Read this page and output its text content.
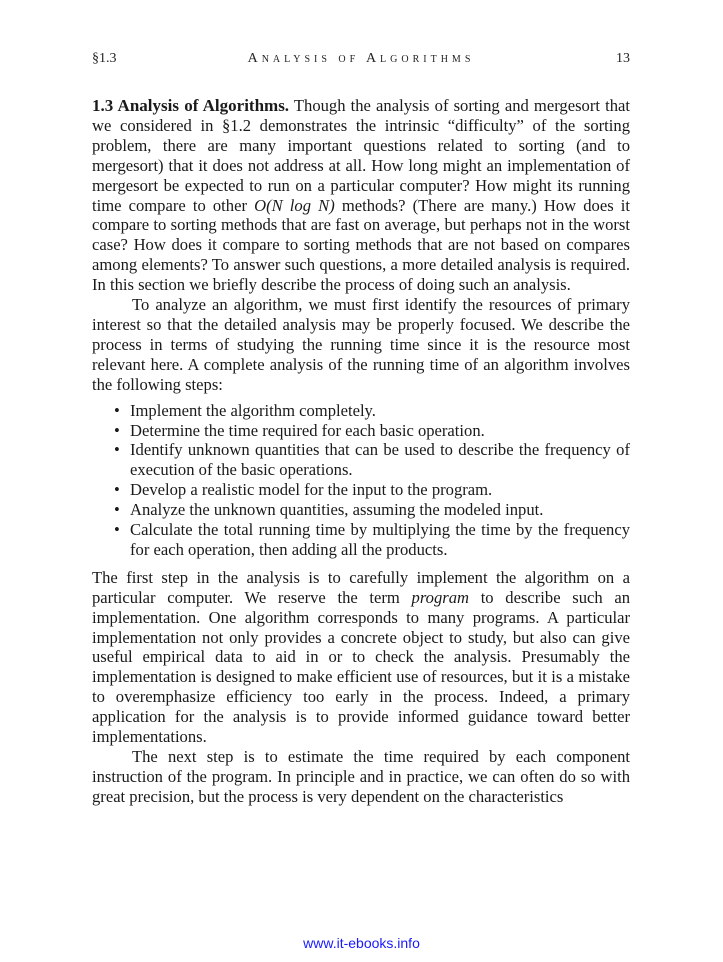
§1.3	Analysis of Algorithms	13

1.3 Analysis of Algorithms. Though the analysis of sorting and mergesort that we considered in §1.2 demonstrates the intrinsic “difficulty” of the sorting problem, there are many important questions related to sorting (and to mergesort) that it does not address at all. How long might an implementation of mergesort be expected to run on a particular computer? How might its running time compare to other O(N log N) methods? (There are many.) How does it compare to sorting methods that are fast on average, but perhaps not in the worst case? How does it compare to sorting methods that are not based on compares among elements? To answer such questions, a more detailed analysis is required. In this section we briefly describe the process of doing such an analysis.

To analyze an algorithm, we must first identify the resources of primary interest so that the detailed analysis may be properly focused. We describe the process in terms of studying the running time since it is the resource most relevant here. A complete analysis of the running time of an algorithm involves the following steps:

• Implement the algorithm completely.
• Determine the time required for each basic operation.
• Identify unknown quantities that can be used to describe the frequency of execution of the basic operations.
• Develop a realistic model for the input to the program.
• Analyze the unknown quantities, assuming the modeled input.
• Calculate the total running time by multiplying the time by the frequency for each operation, then adding all the products.

The first step in the analysis is to carefully implement the algorithm on a particular computer. We reserve the term program to describe such an implementation. One algorithm corresponds to many programs. A particular implementation not only provides a concrete object to study, but also can give useful empirical data to aid in or to check the analysis. Presumably the implementation is designed to make efficient use of resources, but it is a mistake to overemphasize efficiency too early in the process. Indeed, a primary application for the analysis is to provide informed guidance toward better implementations.

The next step is to estimate the time required by each component instruction of the program. In principle and in practice, we can often do so with great precision, but the process is very dependent on the characteristics

www.it-ebooks.info
